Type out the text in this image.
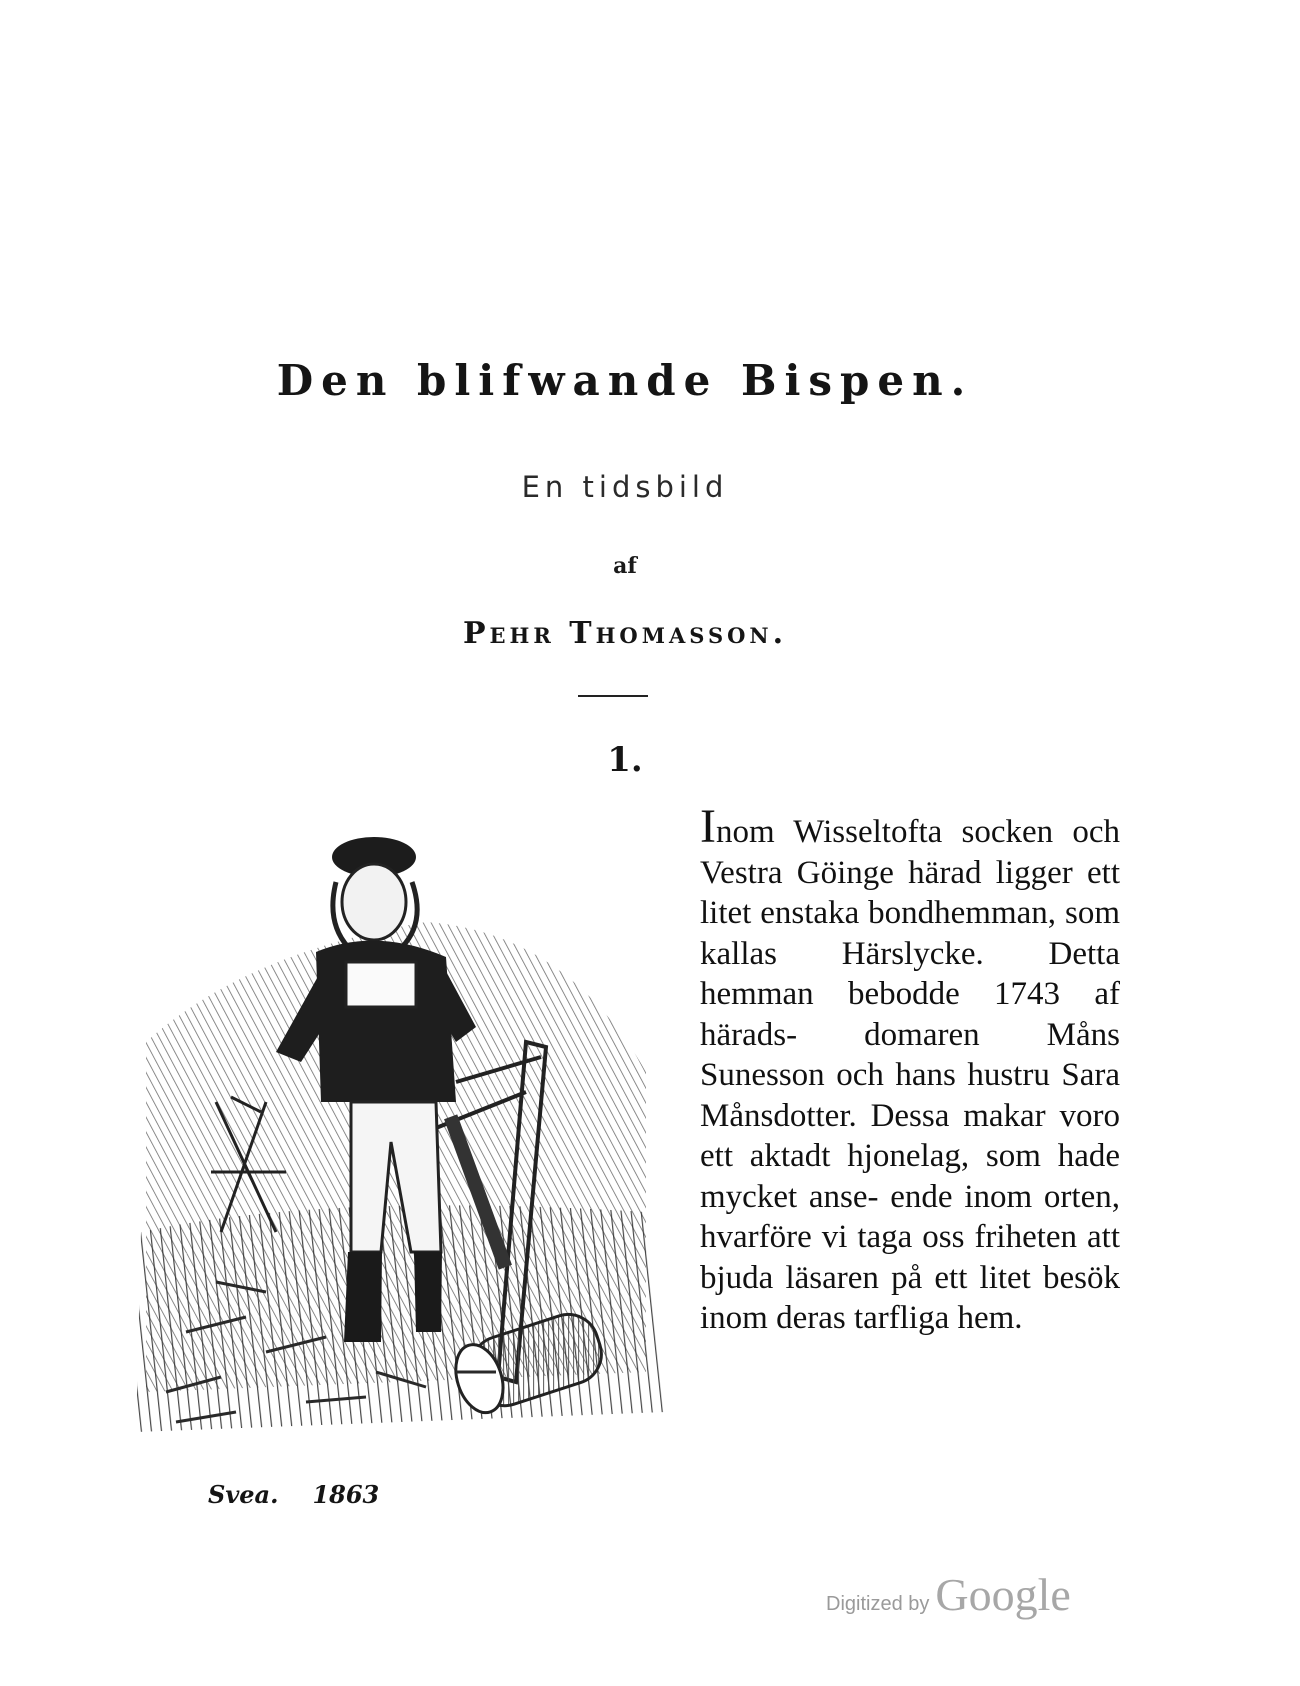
Den blifwande Bispen.
En tidsbild
af
Pehr Thomasson.
1.
Svea. 1863

Inom Wisseltofta socken och Vestra Göinge härad ligger ett litet enstaka bondhemman, som kallas Härslycke. Detta hemman bebodde 1743 af härads- domaren Måns Sunesson och hans hustru Sara Månsdotter. Dessa makar voro ett aktadt hjonelag, som hade mycket anse- ende inom orten, hvarföre vi taga oss friheten att bjuda läsaren på ett litet besök inom deras tarfliga hem.

Digitized by Google
